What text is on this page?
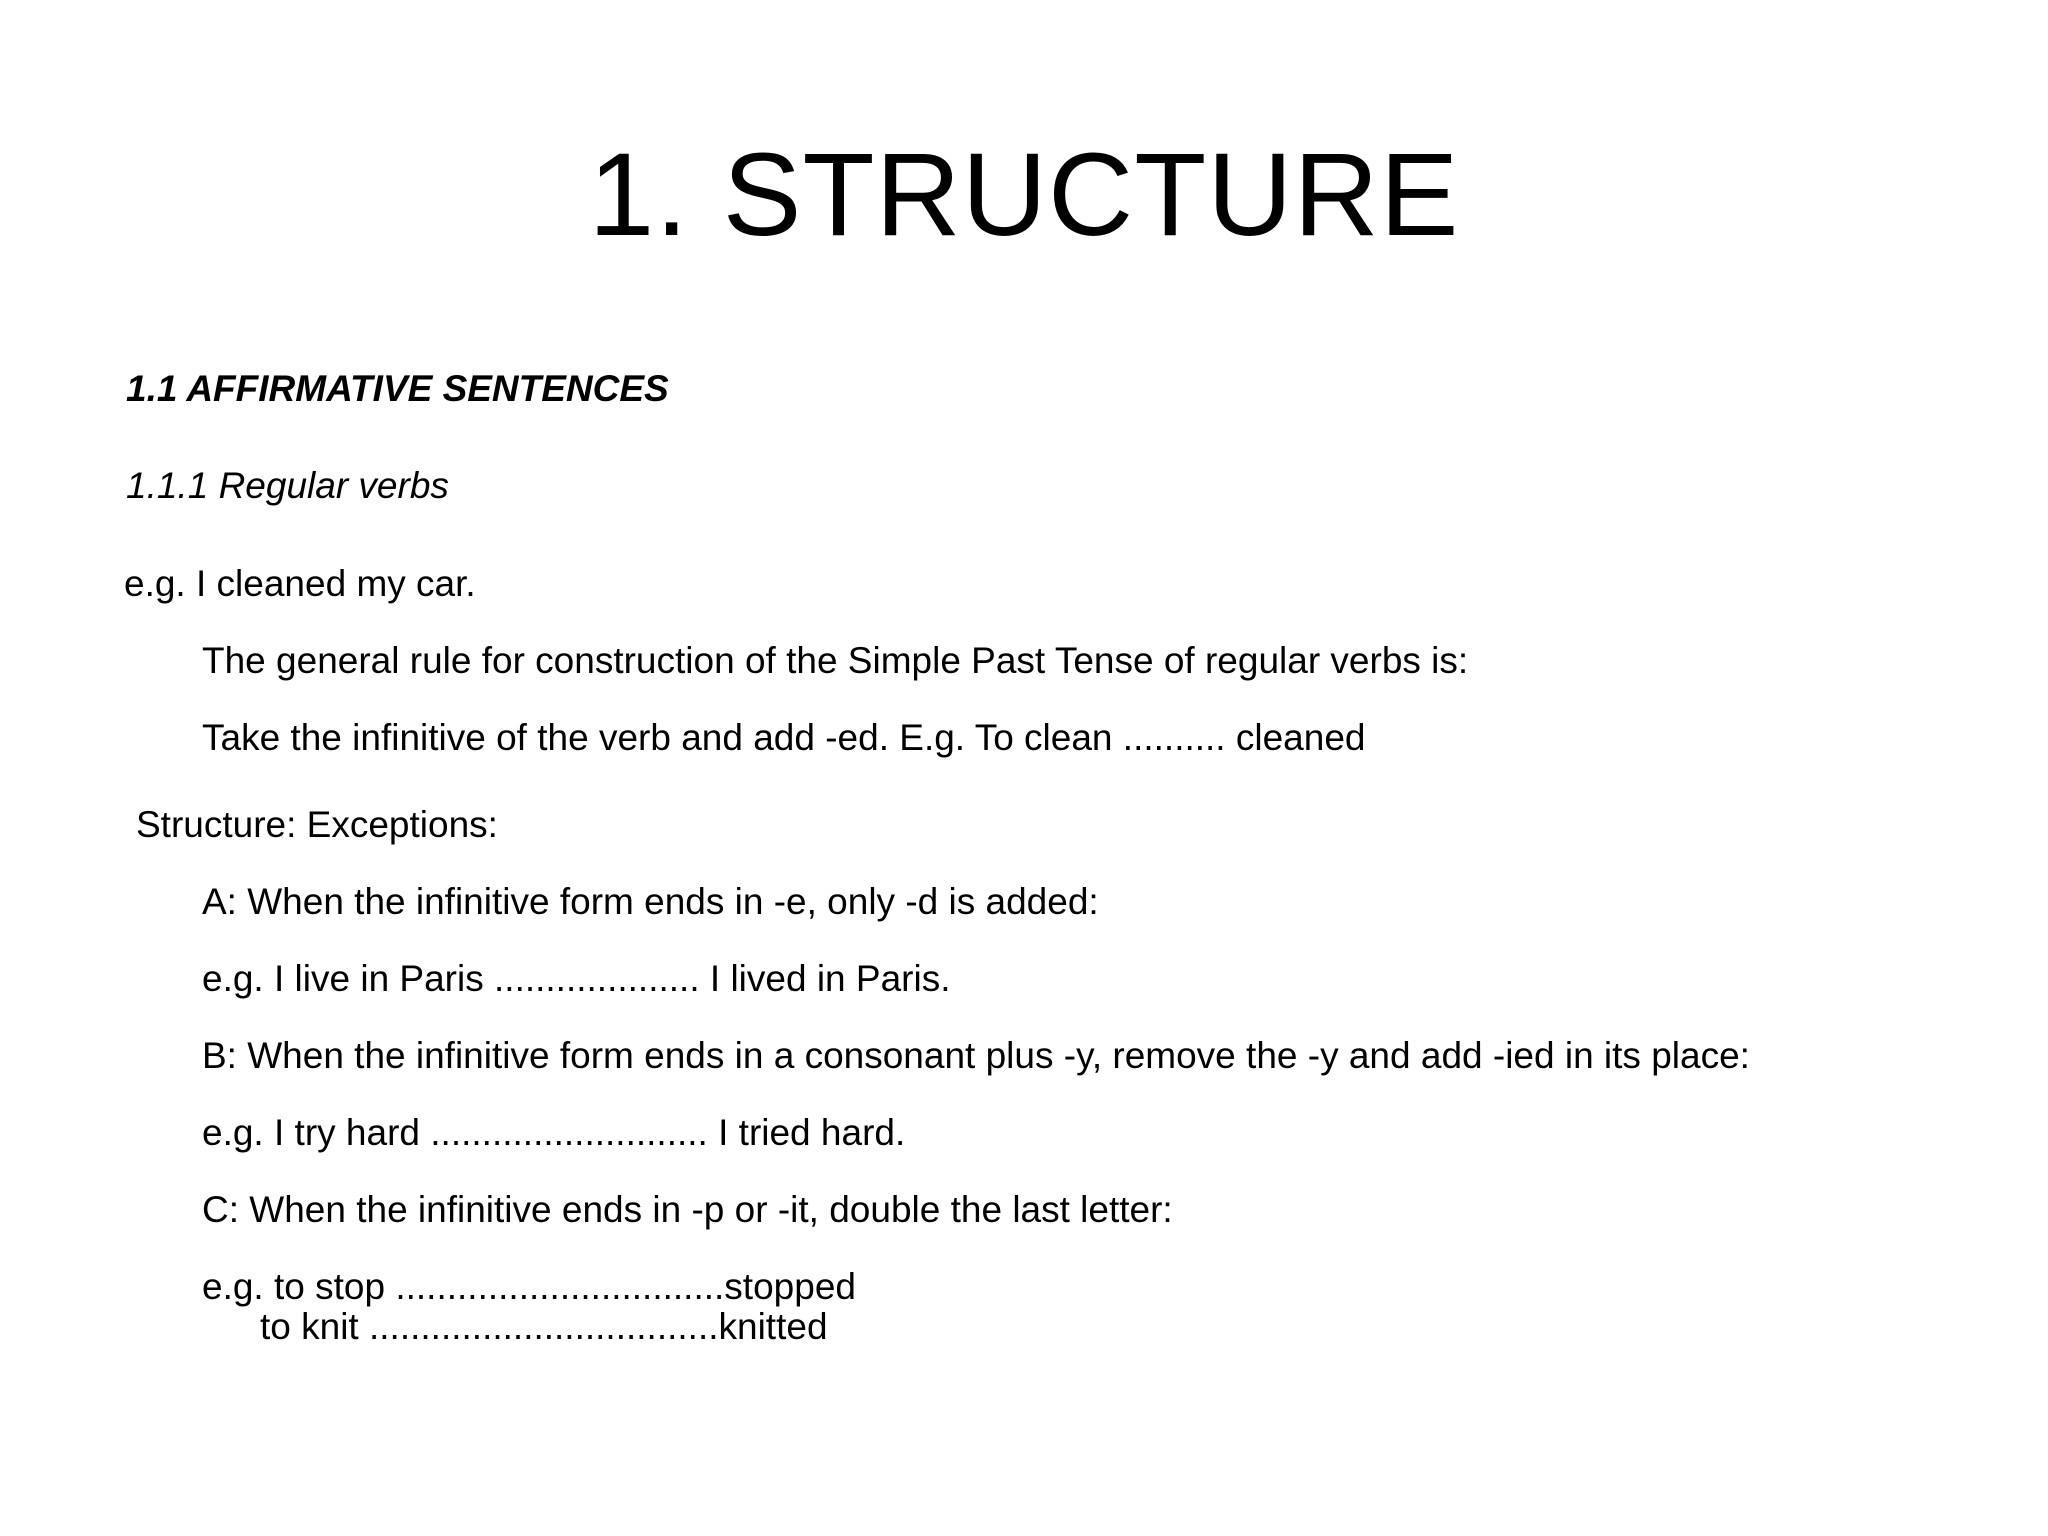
1. STRUCTURE
1.1 AFFIRMATIVE SENTENCES
1.1.1 Regular verbs
e.g. I cleaned my car.
The general rule for construction of the Simple Past Tense of regular verbs is:
Take the infinitive of the verb and add -ed. E.g. To clean .......... cleaned
Structure: Exceptions:
A: When the infinitive form ends in -e, only -d is added:
e.g. I live in Paris .................... I lived in Paris.
B: When the infinitive form ends in a consonant plus -y, remove the -y and add -ied in its place:
e.g. I try hard ........................... I tried hard.
C: When the infinitive ends in -p or -it, double the last letter:
e.g. to stop ................................stopped
to knit ..................................knitted
